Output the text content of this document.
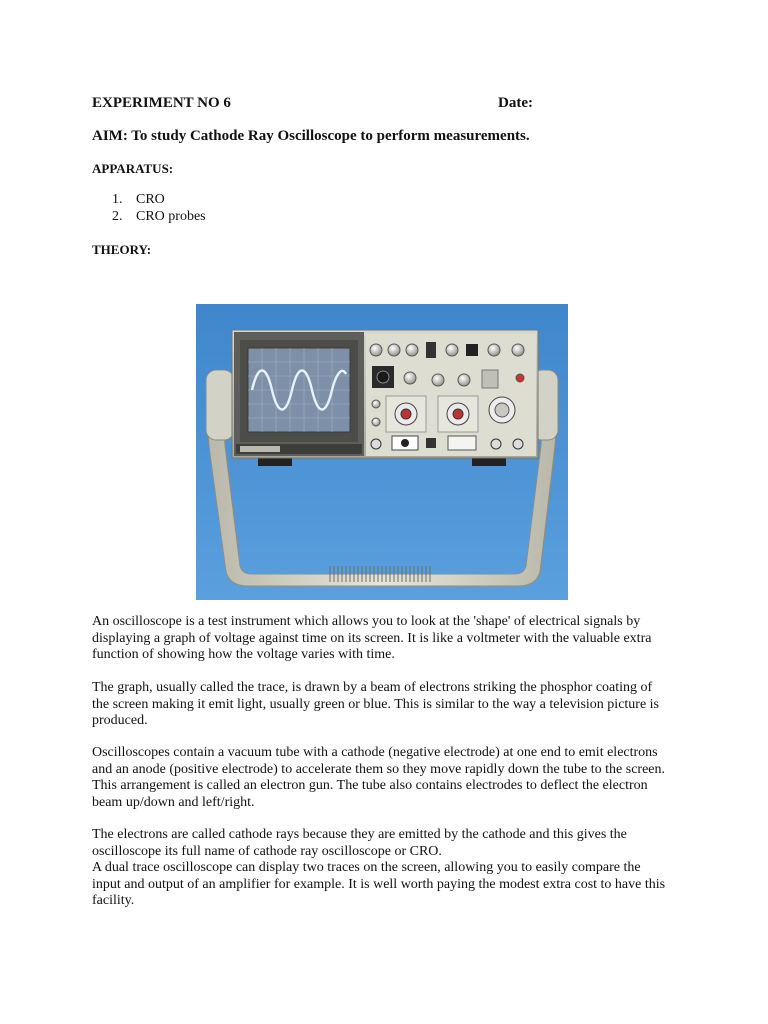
EXPERIMENT NO 6	Date:
AIM: To study Cathode Ray Oscilloscope to perform measurements.
APPARATUS:
1. CRO
2. CRO probes
THEORY:

An oscilloscope is a test instrument which allows you to look at the 'shape' of electrical signals by displaying a graph of voltage against time on its screen. It is like a voltmeter with the valuable extra function of showing how the voltage varies with time.

The graph, usually called the trace, is drawn by a beam of electrons striking the phosphor coating of the screen making it emit light, usually green or blue. This is similar to the way a television picture is produced.

Oscilloscopes contain a vacuum tube with a cathode (negative electrode) at one end to emit electrons and an anode (positive electrode) to accelerate them so they move rapidly down the tube to the screen. This arrangement is called an electron gun. The tube also contains electrodes to deflect the electron beam up/down and left/right.

The electrons are called cathode rays because they are emitted by the cathode and this gives the oscilloscope its full name of cathode ray oscilloscope or CRO.

A dual trace oscilloscope can display two traces on the screen, allowing you to easily compare the input and output of an amplifier for example. It is well worth paying the modest extra cost to have this facility.
